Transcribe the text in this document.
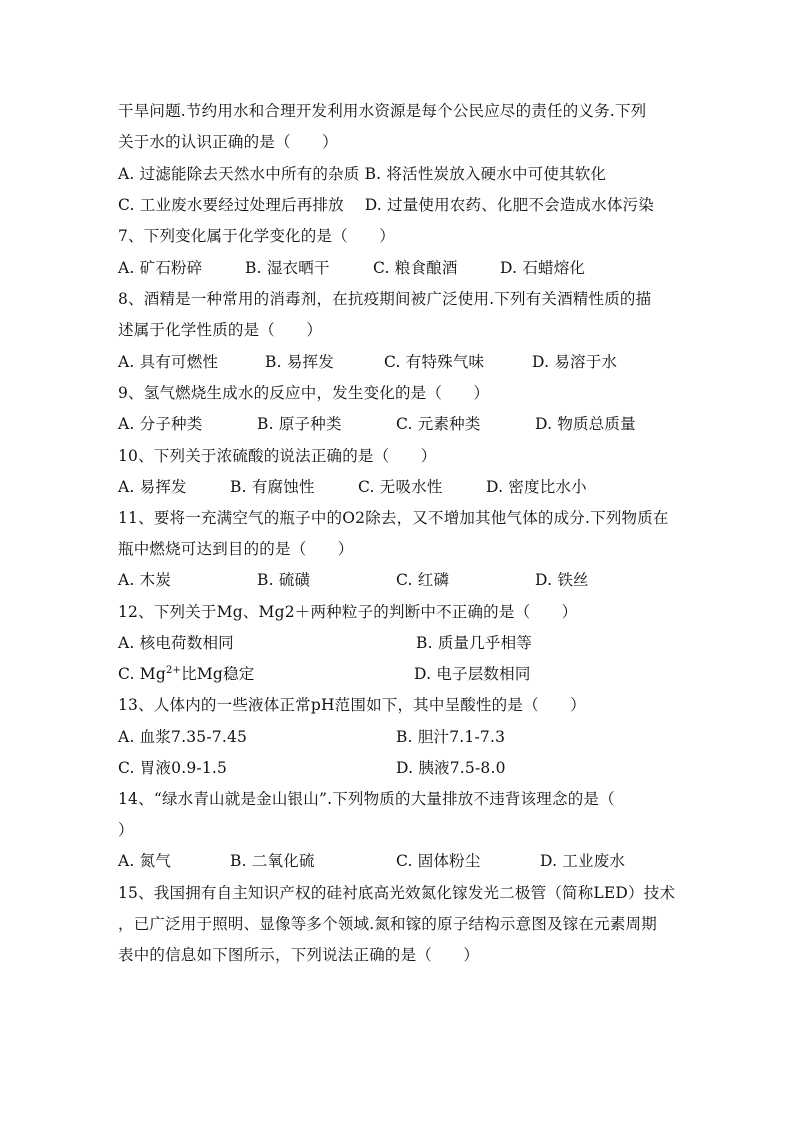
干旱问题.节约用水和合理开发利用水资源是每个公民应尽的责任的义务.下列
关于水的认识正确的是（　　）
A. 过滤能除去天然水中所有的杂质 B. 将活性炭放入硬水中可使其软化
C. 工业废水要经过处理后再排放　 D. 过量使用农药、化肥不会造成水体污染
7、下列变化属于化学变化的是（　　）
A. 矿石粉碎	B. 湿衣晒干	C. 粮食酿酒	D. 石蜡熔化
8、酒精是一种常用的消毒剂，在抗疫期间被广泛使用.下列有关酒精性质的描
述属于化学性质的是（　　）
A. 具有可燃性	B. 易挥发	C. 有特殊气味	D. 易溶于水
9、氢气燃烧生成水的反应中，发生变化的是（　　）
A. 分子种类	B. 原子种类	C. 元素种类	D. 物质总质量
10、下列关于浓硫酸的说法正确的是（　　）
A. 易挥发	B. 有腐蚀性	C. 无吸水性	D. 密度比水小
11、要将一充满空气的瓶子中的O2除去，又不增加其他气体的成分.下列物质在
瓶中燃烧可达到目的的是（　　）
A. 木炭	B. 硫磺	C. 红磷	D. 铁丝
12、下列关于Mg、Mg2＋两种粒子的判断中不正确的是（　　）
A. 核电荷数相同	B. 质量几乎相等
C. $Mg^{2+}$比Mg稳定	D. 电子层数相同
13、人体内的一些液体正常pH范围如下，其中呈酸性的是（　　）
A. 血浆7.35-7.45	B. 胆汁7.1-7.3
C. 胃液0.9-1.5	D. 胰液7.5-8.0
14、“绿水青山就是金山银山”.下列物质的大量排放不违背该理念的是（
）
A. 氮气	B. 二氧化硫	C. 固体粉尘	D. 工业废水
15、我国拥有自主知识产权的硅衬底高光效氮化镓发光二极管（简称LED）技术
，已广泛用于照明、显像等多个领域.氮和镓的原子结构示意图及镓在元素周期
表中的信息如下图所示，下列说法正确的是（　　）
